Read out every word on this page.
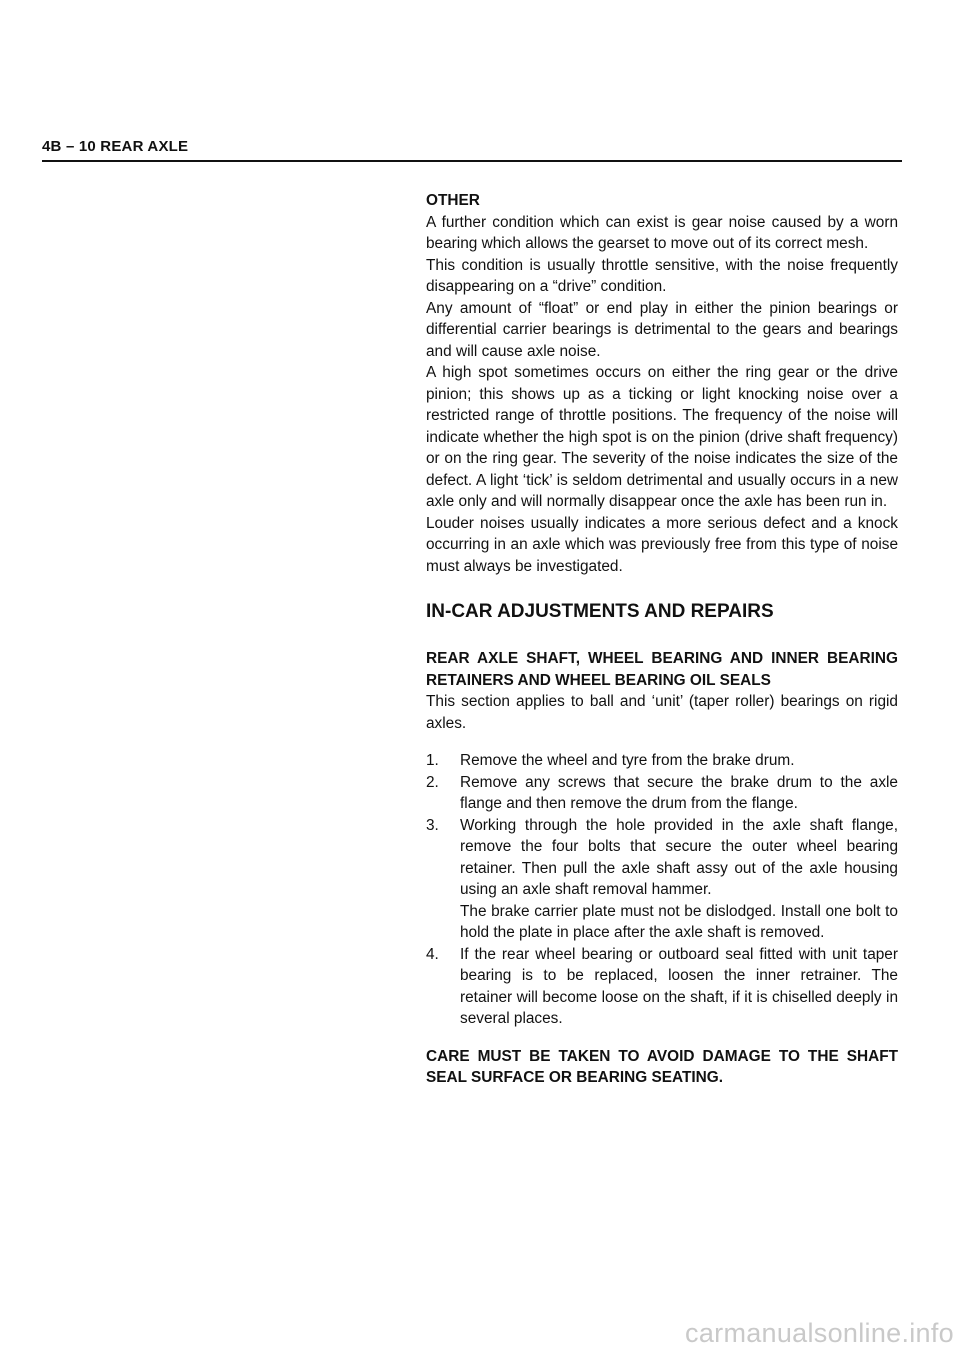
4B – 10 REAR AXLE

OTHER

A further condition which can exist is gear noise caused by a worn bearing which allows the gearset to move out of its correct mesh.

This condition is usually throttle sensitive, with the noise frequently disappearing on a “drive” condition.

Any amount of “float” or end play in either the pinion bearings or differential carrier bearings is detrimental to the gears and bearings and will cause axle noise.

A high spot sometimes occurs on either the ring gear or the drive pinion; this shows up as a ticking or light knocking noise over a restricted range of throttle positions. The frequency of the noise will indicate whether the high spot is on the pinion (drive shaft frequency) or on the ring gear. The severity of the noise indicates the size of the defect. A light ‘tick’ is seldom detrimental and usually occurs in a new axle only and will normally disappear once the axle has been run in.

Louder noises usually indicates a more serious defect and a knock occurring in an axle which was previously free from this type of noise must always be investigated.

IN-CAR ADJUSTMENTS AND REPAIRS

REAR AXLE SHAFT, WHEEL BEARING AND INNER BEARING RETAINERS AND WHEEL BEARING OIL SEALS

This section applies to ball and ‘unit’ (taper roller) bearings on rigid axles.

1.	Remove the wheel and tyre from the brake drum.
2.	Remove any screws that secure the brake drum to the axle flange and then remove the drum from the flange.
3.	Working through the hole provided in the axle shaft flange, remove the four bolts that secure the outer wheel bearing retainer. Then pull the axle shaft assy out of the axle housing using an axle shaft removal hammer.
The brake carrier plate must not be dislodged. Install one bolt to hold the plate in place after the axle shaft is removed.
4.	If the rear wheel bearing or outboard seal fitted with unit taper bearing is to be replaced, loosen the inner retrainer. The retainer will become loose on the shaft, if it is chiselled deeply in several places.

CARE MUST BE TAKEN TO AVOID DAMAGE TO THE SHAFT SEAL SURFACE OR BEARING SEATING.

carmanualsonline.info
